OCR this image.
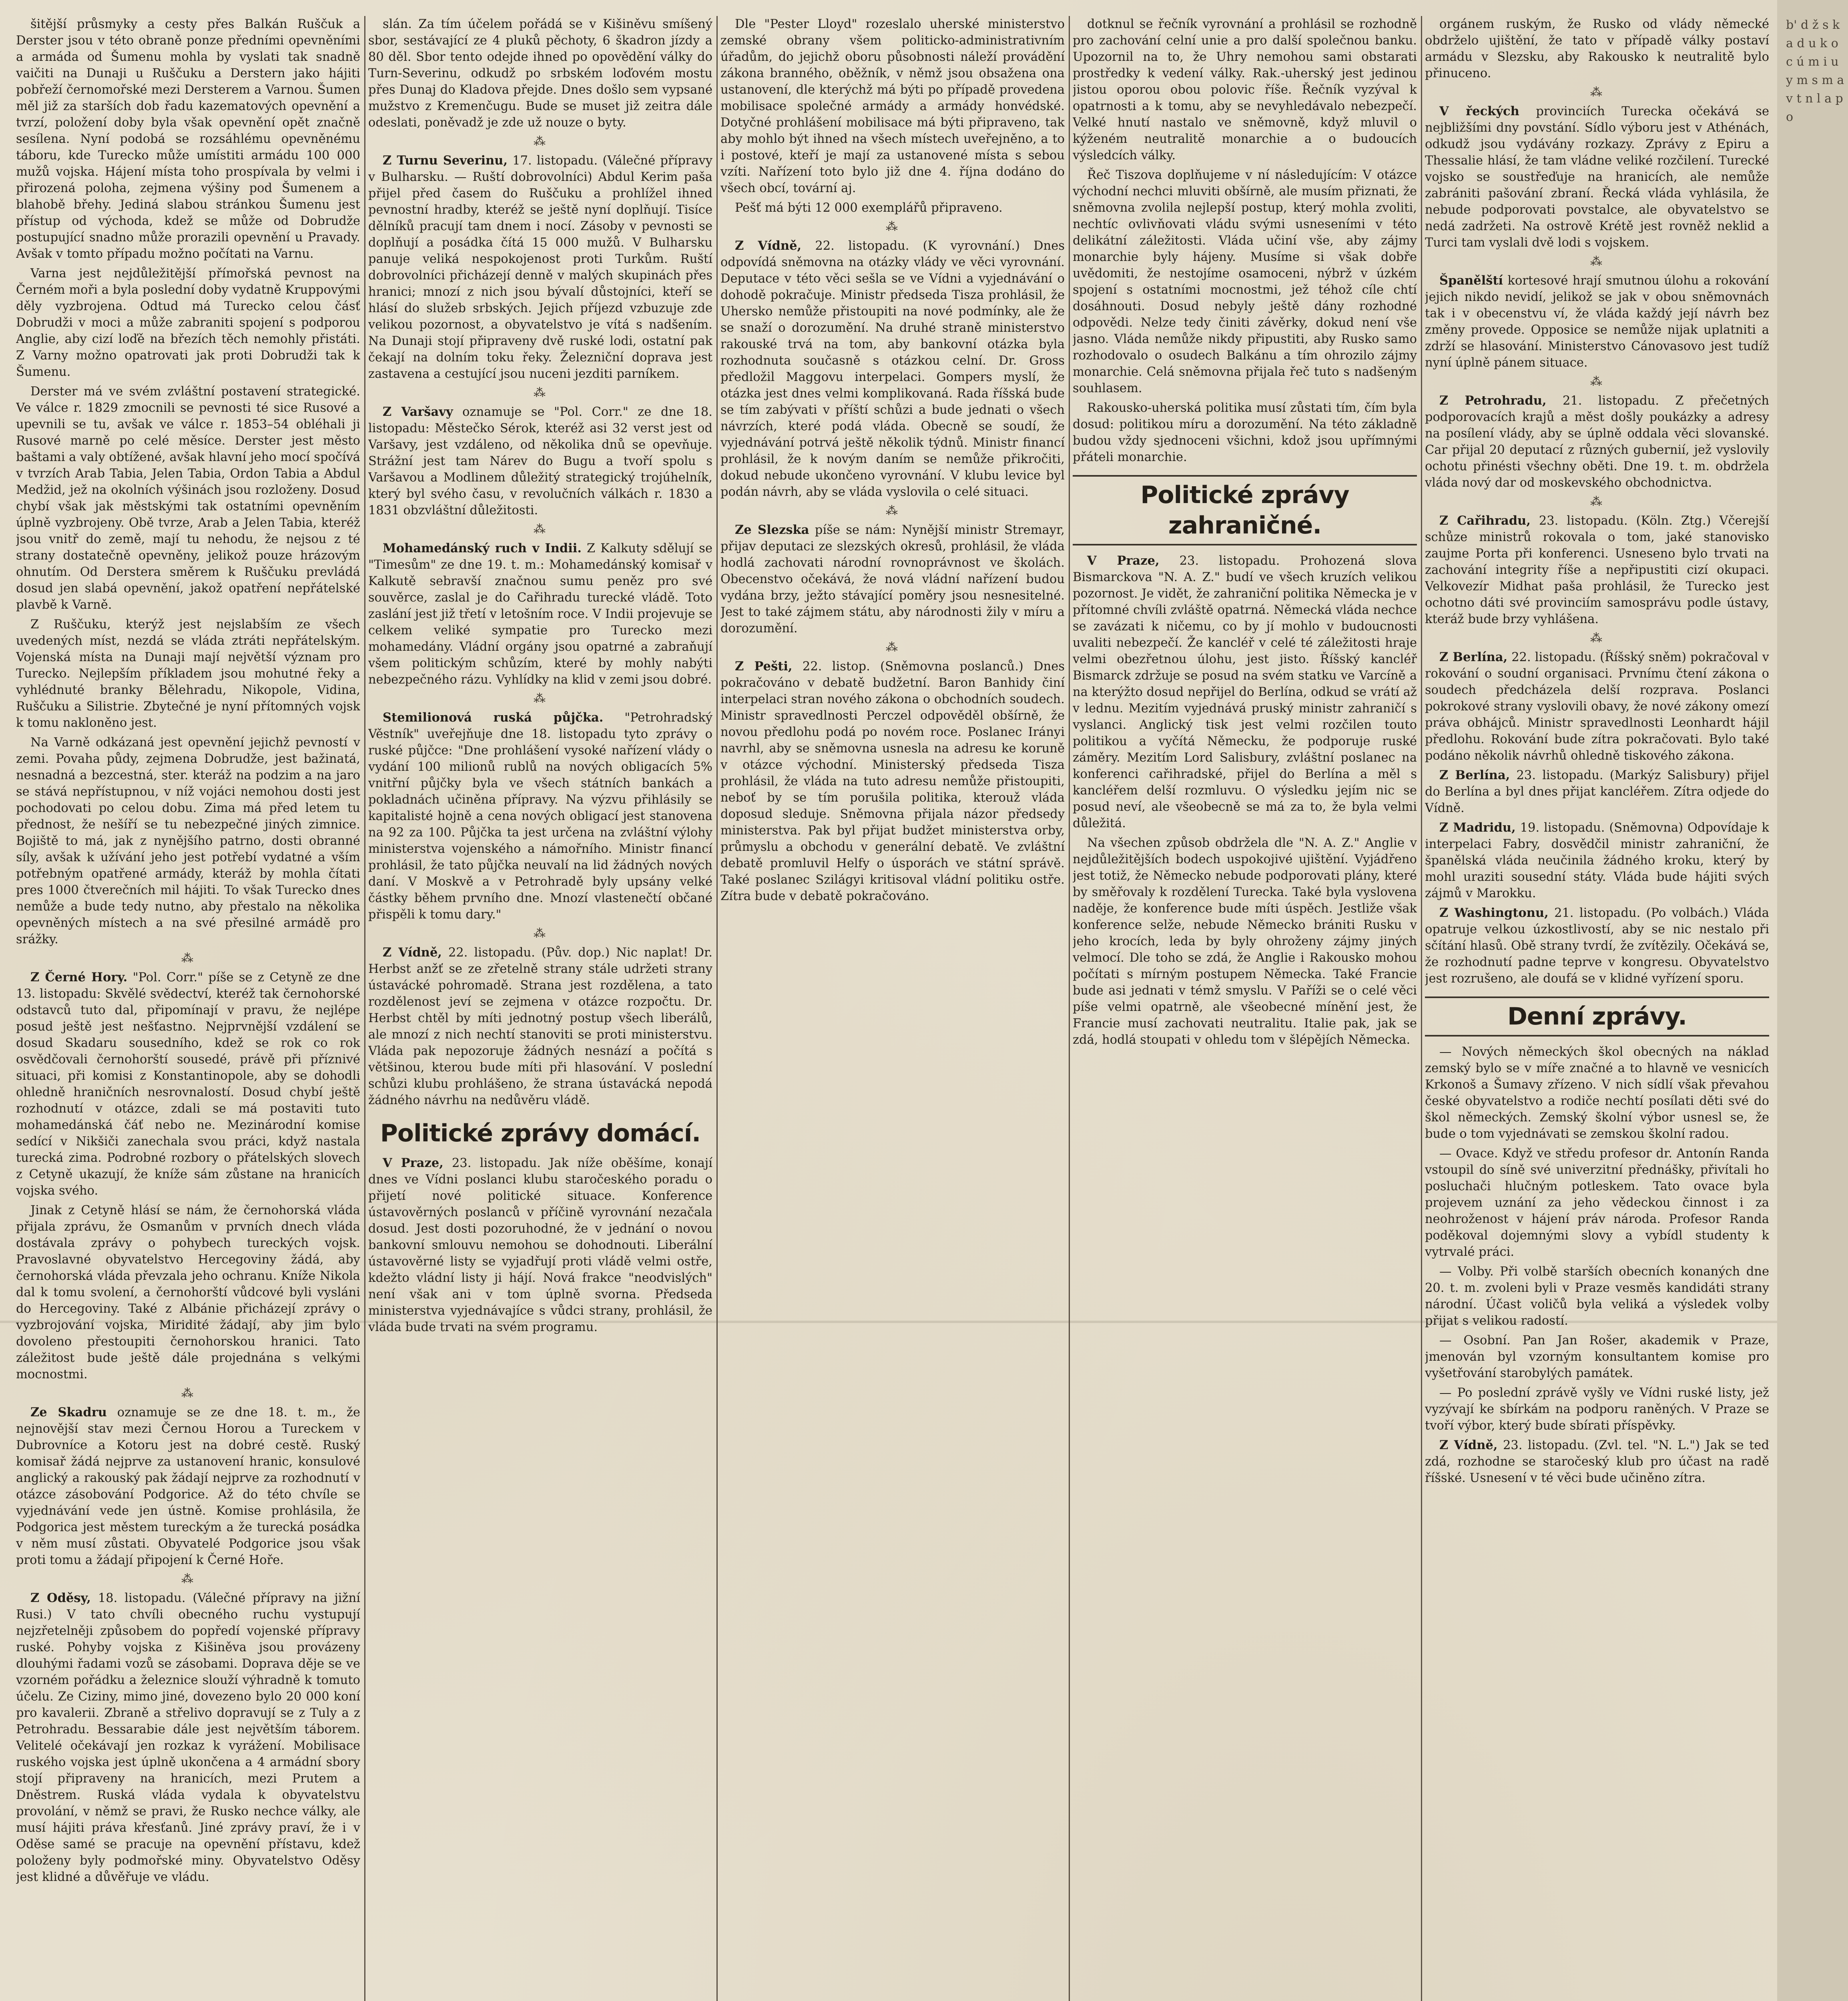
šitější průsmyky a cesty přes Balkán Ruščuk a Derster jsou v této obraně ponze předními opevněními a armáda od Šumenu mohla by vyslati tak snadně vaičiti na Dunaji u Ruščuku a Derstern jako hájiti pobřeží černomořské mezi Dersterem a Varnou. Šumen měl již za starších dob řadu kazematových opevnění a tvrzí, položení doby byla však opevnění opět značně sesílena. Nyní podobá se rozsáhlému opevněnému táboru, kde Turecko může umístiti armádu 100 000 mužů vojska. Hájení místa toho prospívala by velmi i přirozená poloha, zejmena výšiny pod Šumenem a blahobě břehy. Jediná slabou stránkou Šumenu jest přístup od východa, kdež se může od Dobrudže postupující snadno může prorazili opevnění u Pravady. Avšak v tomto případu možno počítati na Varnu.

Varna jest nejdůležitější přímořská pevnost na Černém moři a byla poslední doby vydatně Kruppovými děly vyzbrojena. Odtud má Turecko celou čásť Dobrudži v moci a může zabraniti spojení s podporou Anglie, aby cizí loďě na březích těch nemohly přistáti. Z Varny možno opatrovati jak proti Dobrudži tak k Šumenu.

Derster má ve svém zvláštní postavení strategické. Ve válce r. 1829 zmocnili se pevnosti té sice Rusové a upevnili se tu, avšak ve válce r. 1853–54 obléhali ji Rusové marně po celé měsíce. Derster jest město baštami a valy obtížené, avšak hlavní jeho mocí spočívá v tvrzích Arab Tabia, Jelen Tabia, Ordon Tabia a Abdul Medžid, jež na okolních výšinách jsou rozloženy. Dosud chybí však jak městskými tak ostatními opevněním úplně vyzbrojeny. Obě tvrze, Arab a Jelen Tabia, kteréž jsou vnitř do země, mají tu nehodu, že nejsou z té strany dostatečně opevněny, jelikož pouze hrázovým ohnutím. Od Derstera směrem k Ruščuku prevládá dosud jen slabá opevnění, jakož opatření nepřátelské plavbě k Varně.

Z Ruščuku, kterýž jest nejslabším ze všech uvedených míst, nezdá se vláda ztráti nepřátelským. Vojenská místa na Dunaji mají největší význam pro Turecko. Nejlepším příkladem jsou mohutné řeky a vyhlédnuté branky Bělehradu, Nikopole, Vidina, Ruščuku a Silistrie. Zbytečné je nyní přítomných vojsk k tomu nakloněno jest.

Na Varně odkázaná jest opevnění jejichž pevností v zemi. Povaha půdy, zejmena Dobrudže, jest bažinatá, nesnadná a bezcestná, ster. kteráž na podzim a na jaro se stává nepřístupnou, v níž vojáci nemohou dosti jest pochodovati po celou dobu. Zima má před letem tu přednost, že nešíří se tu nebezpečné jiných zimnice. Bojiště to má, jak z nynějšího patrno, dosti obranné síly, avšak k užívání jeho jest potřebí vydatné a vším potřebným opatřené armády, kteráž by mohla čítati pres 1000 čtverečních mil hájiti. To však Turecko dnes nemůže a bude tedy nutno, aby přestalo na několika opevněných místech a na své přesilné armádě pro srážky.

⁂

Z Černé Hory. "Pol. Corr." píše se z Cetyně ze dne 13. listopadu: Skvělé svědectví, kteréž tak černohorské odstavců tuto dal, připomínají v pravu, že nejlépe posud ještě jest nešťastno. Nejprvnější vzdálení se dosud Skadaru sousedního, kdež se rok co rok osvědčovali černohorští sousedé, právě při příznivé situaci, při komisi z Konstantinopole, aby se dohodli ohledně hraničních nesrovnalostí. Dosud chybí ještě rozhodnutí v otázce, zdali se má postaviti tuto mohamedánská čáť nebo ne. Mezinárodní komise sedící v Nikšiči zanechala svou práci, když nastala turecká zima. Podrobné rozbory o přátelských slovech z Cetyně ukazují, že kníže sám zůstane na hranicích vojska svého.

Jinak z Cetyně hlásí se nám, že černohorská vláda přijala zprávu, že Osmanům v prvních dnech vláda dostávala zprávy o pohybech tureckých vojsk. Pravoslavné obyvatelstvo Hercegoviny žádá, aby černohorská vláda převzala jeho ochranu. Kníže Nikola dal k tomu svolení, a černohorští vůdcové byli vysláni do Hercegoviny. Také z Albánie přicházejí zprávy o vyzbrojování vojska, Miridité žádají, aby jim bylo dovoleno přestoupiti černohorskou hranici. Tato záležitost bude ještě dále projednána s velkými mocnostmi.

⁂

Ze Skadru oznamuje se ze dne 18. t. m., že nejnovější stav mezi Černou Horou a Tureckem v Dubrovníce a Kotoru jest na dobré cestě. Ruský komisař žádá nejprve za ustanovení hranic, konsulové anglický a rakouský pak žádají nejprve za rozhodnutí v otázce zásobování Podgorice. Až do této chvíle se vyjednávání vede jen ústně. Komise prohlásila, že Podgorica jest městem tureckým a že turecká posádka v něm musí zůstati. Obyvatelé Podgorice jsou však proti tomu a žádají připojení k Černé Hoře.

⁂

Z Oděsy, 18. listopadu. (Válečné přípravy na jižní Rusi.) V tato chvíli obecného ruchu vystupují nejzřetelněji způsobem do popředí vojenské přípravy ruské. Pohyby vojska z Kišiněva jsou provázeny dlouhými řadami vozů se zásobami. Doprava děje se ve vzorném pořádku a železnice slouží výhradně k tomuto účelu. Ze Ciziny, mimo jiné, dovezeno bylo 20 000 koní pro kavalerii. Zbraně a střelivo dopravují se z Tuly a z Petrohradu. Bessarabie dále jest největším táborem. Velitelé očekávají jen rozkaz k vyrážení. Mobilisace ruského vojska jest úplně ukončena a 4 armádní sbory stojí připraveny na hranicích, mezi Prutem a Dněstrem. Ruská vláda vydala k obyvatelstvu provolání, v němž se pravi, že Rusko nechce války, ale musí hájiti práva křesťanů. Jiné zprávy praví, že i v Oděse samé se pracuje na opevnění přístavu, kdež položeny byly podmořské miny. Obyvatelstvo Oděsy jest klidné a důvěřuje ve vládu.

slán. Za tím účelem pořádá se v Kišiněvu smíšený sbor, sestávající ze 4 pluků pěchoty, 6 škadron jízdy a 80 děl. Sbor tento odejde ihned po opovědění války do Turn-Severinu, odkudž po srbském loďovém mostu přes Dunaj do Kladova přejde. Dnes došlo sem vypsané mužstvo z Kremenčugu. Bude se muset již zeitra dále odeslati, poněvadž je zde už nouze o byty.

⁂

Z Turnu Severinu, 17. listopadu. (Válečné přípravy v Bulharsku. — Ruští dobrovolníci) Abdul Kerim paša přijel před časem do Ruščuku a prohlížel ihned pevnostní hradby, kteréž se ještě nyní doplňují. Tisíce dělníků pracují tam dnem i nocí. Zásoby v pevnosti se doplňují a posádka čítá 15 000 mužů. V Bulharsku panuje veliká nespokojenost proti Turkům. Ruští dobrovolníci přicházejí denně v malých skupinách přes hranici; mnozí z nich jsou bývalí důstojníci, kteří se hlásí do služeb srbských. Jejich příjezd vzbuzuje zde velikou pozornost, a obyvatelstvo je vítá s nadšením. Na Dunaji stojí připraveny dvě ruské lodi, ostatní pak čekají na dolním toku řeky. Železniční doprava jest zastavena a cestující jsou nuceni jezditi parníkem.

⁂

Z Varšavy oznamuje se "Pol. Corr." ze dne 18. listopadu: Městečko Sérok, kteréž asi 32 verst jest od Varšavy, jest vzdáleno, od několika dnů se opevňuje. Strážní jest tam Nárev do Bugu a tvoří spolu s Varšavou a Modlinem důležitý strategický trojúhelník, který byl svého času, v revolučních válkách r. 1830 a 1831 obzvláštní důležitosti.

⁂

Mohamedánský ruch v Indii. Z Kalkuty sdělují se "Timesům" ze dne 19. t. m.: Mohamedánský komisař v Kalkutě sebravší značnou sumu peněz pro své souvěrce, zaslal je do Cařihradu turecké vládě. Toto zaslání jest již třetí v letošním roce. V Indii projevuje se celkem veliké sympatie pro Turecko mezi mohamedány. Vládní orgány jsou opatrné a zabraňují všem politickým schůzím, které by mohly nabýti nebezpečného rázu. Vyhlídky na klid v zemi jsou dobré.

⁂

Stemilionová ruská půjčka. "Petrohradský Věstník" uveřejňuje dne 18. listopadu tyto zprávy o ruské půjčce: "Dne prohlášení vysoké nařízení vlády o vydání 100 milionů rublů na nových obligacích 5% vnitřní půjčky byla ve všech státních bankách a pokladnách učiněna přípravy. Na výzvu přihlásily se kapitalisté hojně a cena nových obligací jest stanovena na 92 za 100. Půjčka ta jest určena na zvláštní výlohy ministerstva vojenského a námořního. Ministr financí prohlásil, že tato půjčka neuvalí na lid žádných nových daní. V Moskvě a v Petrohradě byly upsány velké částky během prvního dne. Mnozí vlastenečtí občané přispěli k tomu dary."

⁂

Z Vídně, 22. listopadu. (Pův. dop.) Nic naplat! Dr. Herbst anžť se ze zřetelně strany stále udržeti strany ústavácké pohromadě. Strana jest rozdělena, a tato rozdělenost jeví se zejmena v otázce rozpočtu. Dr. Herbst chtěl by míti jednotný postup všech liberálů, ale mnozí z nich nechtí stanoviti se proti ministerstvu. Vláda pak nepozoruje žádných nesnází a počítá s většinou, kterou bude míti při hlasování. V poslední schůzi klubu prohlášeno, že strana ústavácká nepodá žádného návrhu na nedůvěru vládě.

Politické zprávy domácí.

V Praze, 23. listopadu. Jak níže oběšíme, konají dnes ve Vídni poslanci klubu staročeského poradu o přijetí nové politické situace. Konference ústavověrných poslanců v příčině vyrovnání nezačala dosud. Jest dosti pozoruhodné, že v jednání o novou bankovní smlouvu nemohou se dohodnouti. Liberální ústavověrné listy se vyjadřují proti vládě velmi ostře, kdežto vládní listy ji hájí. Nová frakce "neodvislých" není však ani v tom úplně svorna. Předseda ministerstva vyjednávajíce s vůdci strany, prohlásil, že vláda bude trvati na svém programu.

Dle "Pester Lloyd" rozeslalo uherské ministerstvo zemské obrany všem politicko-administrativním úřadům, do jejichž oboru působnosti náleží provádění zákona branného, oběžník, v němž jsou obsažena ona ustanovení, dle kterýchž má býti po případě provedena mobilisace společné armády a armády honvédské. Dotyčné prohlášení mobilisace má býti připraveno, tak aby mohlo být ihned na všech místech uveřejněno, a to i postové, kteří je mají za ustanovené místa s sebou vzíti. Nařízení toto bylo již dne 4. října dodáno do všech obcí, tovární aj.

Pešť má býti 12 000 exemplářů připraveno.

⁂

Z Vídně, 22. listopadu. (K vyrovnání.) Dnes odpovídá sněmovna na otázky vlády ve věci vyrovnání. Deputace v této věci sešla se ve Vídni a vyjednávání o dohodě pokračuje. Ministr předseda Tisza prohlásil, že Uhersko nemůže přistoupiti na nové podmínky, ale že se snaží o dorozumění. Na druhé straně ministerstvo rakouské trvá na tom, aby bankovní otázka byla rozhodnuta současně s otázkou celní. Dr. Gross předložil Maggovu interpelaci. Gompers myslí, že otázka jest dnes velmi komplikovaná. Rada říšská bude se tím zabývati v příští schůzi a bude jednati o všech návrzích, které podá vláda. Obecně se soudí, že vyjednávání potrvá ještě několik týdnů. Ministr financí prohlásil, že k novým daním se nemůže přikročiti, dokud nebude ukončeno vyrovnání. V klubu levice byl podán návrh, aby se vláda vyslovila o celé situaci.

⁂

Ze Slezska píše se nám: Nynější ministr Stremayr, přijav deputaci ze slezských okresů, prohlásil, že vláda hodlá zachovati národní rovnoprávnost ve školách. Obecenstvo očekává, že nová vládní nařízení budou vydána brzy, ježto stávající poměry jsou nesnesitelné. Jest to také zájmem státu, aby národnosti žily v míru a dorozumění.

⁂

Z Pešti, 22. listop. (Sněmovna poslanců.) Dnes pokračováno v debatě budžetní. Baron Banhidy činí interpelaci stran nového zákona o obchodních soudech. Ministr spravedlnosti Perczel odpověděl obšírně, že novou předlohu podá po novém roce. Poslanec Irányi navrhl, aby se sněmovna usnesla na adresu ke koruně v otázce východní. Ministerský předseda Tisza prohlásil, že vláda na tuto adresu nemůže přistoupiti, neboť by se tím porušila politika, kterouž vláda doposud sleduje. Sněmovna přijala názor předsedy ministerstva. Pak byl přijat budžet ministerstva orby, průmyslu a obchodu v generální debatě. Ve zvláštní debatě promluvil Helfy o úsporách ve státní správě. Také poslanec Szilágyi kritisoval vládní politiku ostře. Zítra bude v debatě pokračováno.

dotknul se řečník vyrovnání a prohlásil se rozhodně pro zachování celní unie a pro další společnou banku. Upozornil na to, že Uhry nemohou sami obstarati prostředky k vedení války. Rak.-uherský jest jedinou jistou oporou obou polovic říše. Řečník vyzýval k opatrnosti a k tomu, aby se nevyhledávalo nebezpečí. Velké hnutí nastalo ve sněmovně, když mluvil o kýženém neutralitě monarchie a o budoucích výsledcích války.

Řeč Tiszova doplňujeme v ní následujícím: V otázce východní nechci mluviti obšírně, ale musím přiznati, že sněmovna zvolila nejlepší postup, který mohla zvoliti, nechtíc ovlivňovati vládu svými usneseními v této delikátní záležitosti. Vláda učiní vše, aby zájmy monarchie byly hájeny. Musíme si však dobře uvědomiti, že nestojíme osamoceni, nýbrž v úzkém spojení s ostatními mocnostmi, jež téhož cíle chtí dosáhnouti. Dosud nebyly ještě dány rozhodné odpovědi. Nelze tedy činiti závěrky, dokud není vše jasno. Vláda nemůže nikdy připustiti, aby Rusko samo rozhodovalo o osudech Balkánu a tím ohrozilo zájmy monarchie. Celá sněmovna přijala řeč tuto s nadšeným souhlasem.

Rakousko-uherská politika musí zůstati tím, čím byla dosud: politikou míru a dorozumění. Na této základně budou vždy sjednoceni všichni, kdož jsou upřímnými přáteli monarchie.

Politické zprávy zahraničné.

V Praze, 23. listopadu. Prohozená slova Bismarckova "N. A. Z." budí ve všech kruzích velikou pozornost. Je vidět, že zahraniční politika Německa je v přítomné chvíli zvláště opatrná. Německá vláda nechce se zavázati k ničemu, co by jí mohlo v budoucnosti uvaliti nebezpečí. Že kancléř v celé té záležitosti hraje velmi obezřetnou úlohu, jest jisto. Říšský kancléř Bismarck zdržuje se posud na svém statku ve Varcíně a na kterýžto dosud nepřijel do Berlína, odkud se vrátí až v lednu. Mezitím vyjednává pruský ministr zahraničí s vyslanci. Anglický tisk jest velmi rozčilen touto politikou a vyčítá Německu, že podporuje ruské záměry. Mezitím Lord Salisbury, zvláštní poslanec na konferenci cařihradské, přijel do Berlína a měl s kancléřem delší rozmluvu. O výsledku jejím nic se posud neví, ale všeobecně se má za to, že byla velmi důležitá.

Na všechen způsob obdržela dle "N. A. Z." Anglie v nejdůležitějších bodech uspokojivé ujištění. Vyjádřeno jest totiž, že Německo nebude podporovati plány, které by směřovaly k rozdělení Turecka. Také byla vyslovena naděje, že konference bude míti úspěch. Jestliže však konference selže, nebude Německo brániti Rusku v jeho krocích, leda by byly ohroženy zájmy jiných velmocí. Dle toho se zdá, že Anglie i Rakousko mohou počítati s mírným postupem Německa. Také Francie bude asi jednati v témž smyslu. V Paříži se o celé věci píše velmi opatrně, ale všeobecné mínění jest, že Francie musí zachovati neutralitu. Italie pak, jak se zdá, hodlá stoupati v ohledu tom v šlépějích Německa.

orgánem ruským, že Rusko od vlády německé obdrželo ujištění, že tato v případě války postaví armádu v Slezsku, aby Rakousko k neutralitě bylo přinuceno.

⁂

V řeckých provinciích Turecka očekává se nejbližšími dny povstání. Sídlo výboru jest v Athénách, odkudž jsou vydávány rozkazy. Zprávy z Epiru a Thessalie hlásí, že tam vládne veliké rozčilení. Turecké vojsko se soustřeďuje na hranicích, ale nemůže zabrániti pašování zbraní. Řecká vláda vyhlásila, že nebude podporovati povstalce, ale obyvatelstvo se nedá zadržeti. Na ostrově Krétě jest rovněž neklid a Turci tam vyslali dvě lodi s vojskem.

⁂

Španělští kortesové hrají smutnou úlohu a rokování jejich nikdo nevidí, jelikož se jak v obou sněmovnách tak i v obecenstvu ví, že vláda každý její návrh bez změny provede. Opposice se nemůže nijak uplatniti a zdrží se hlasování. Ministerstvo Cánovasovo jest tudíž nyní úplně pánem situace.

⁂

Z Petrohradu, 21. listopadu. Z přečetných podporovacích krajů a měst došly poukázky a adresy na posílení vlády, aby se úplně oddala věci slovanské. Car přijal 20 deputací z různých gubernií, jež vyslovily ochotu přinésti všechny oběti. Dne 19. t. m. obdržela vláda nový dar od moskevského obchodnictva.

⁂

Z Cařihradu, 23. listopadu. (Köln. Ztg.) Včerejší schůze ministrů rokovala o tom, jaké stanovisko zaujme Porta při konferenci. Usneseno bylo trvati na zachování integrity říše a nepřipustiti cizí okupaci. Velkovezír Midhat paša prohlásil, že Turecko jest ochotno dáti své provinciím samosprávu podle ústavy, kteráž bude brzy vyhlášena.

⁂

Z Berlína, 22. listopadu. (Říšský sněm) pokračoval v rokování o soudní organisaci. Prvnímu čtení zákona o soudech předcházela delší rozprava. Poslanci pokrokové strany vyslovili obavy, že nové zákony omezí práva obhájců. Ministr spravedlnosti Leonhardt hájil předlohu. Rokování bude zítra pokračovati. Bylo také podáno několik návrhů ohledně tiskového zákona.

Z Berlína, 23. listopadu. (Markýz Salisbury) přijel do Berlína a byl dnes přijat kancléřem. Zítra odjede do Vídně.

Z Madridu, 19. listopadu. (Sněmovna) Odpovídaje k interpelaci Fabry, dosvědčil ministr zahraniční, že španělská vláda neučinila žádného kroku, který by mohl uraziti sousední státy. Vláda bude hájiti svých zájmů v Marokku.

Z Washingtonu, 21. listopadu. (Po volbách.) Vláda opatruje velkou úzkostlivostí, aby se nic nestalo při sčítání hlasů. Obě strany tvrdí, že zvítězily. Očekává se, že rozhodnutí padne teprve v kongresu. Obyvatelstvo jest rozrušeno, ale doufá se v klidné vyřízení sporu.

Denní zprávy.

— Nových německých škol obecných na náklad zemský bylo se v míře značné a to hlavně ve vesnicích Krkonoš a Šumavy zřízeno. V nich sídlí však převahou české obyvatelstvo a rodiče nechtí posílati děti své do škol německých. Zemský školní výbor usnesl se, že bude o tom vyjednávati se zemskou školní radou.

— Ovace. Když ve středu profesor dr. Antonín Randa vstoupil do síně své univerzitní přednášky, přivítali ho posluchači hlučným potleskem. Tato ovace byla projevem uznání za jeho vědeckou činnost i za neohroženost v hájení práv národa. Profesor Randa poděkoval dojemnými slovy a vybídl studenty k vytrvalé práci.

— Volby. Při volbě starších obecních konaných dne 20. t. m. zvoleni byli v Praze vesměs kandidáti strany národní. Účast voličů byla veliká a výsledek volby přijat s velikou radostí.

— Osobní. Pan Jan Rošer, akademik v Praze, jmenován byl vzorným konsultantem komise pro vyšetřování starobylých památek.

— Po poslední zprávě vyšly ve Vídni ruské listy, jež vyzývají ke sbírkám na podporu raněných. V Praze se tvoří výbor, který bude sbírati příspěvky.

Z Vídně, 23. listopadu. (Zvl. tel. "N. L.") Jak se teď zdá, rozhodne se staročeský klub pro účast na radě říšské. Usnesení v té věci bude učiněno zítra.

b' d ž s k a d u k o c ú m i u y m s m a v t n l a p o
